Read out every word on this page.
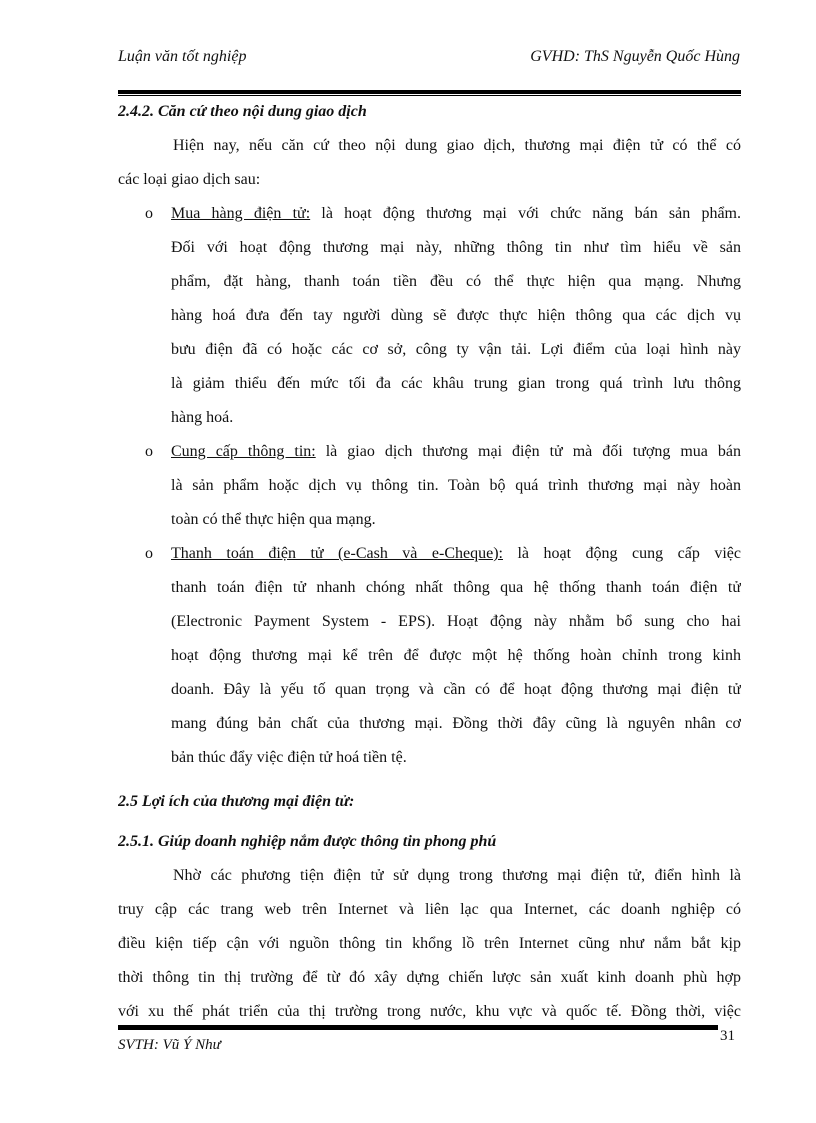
Luận văn tốt nghiệp	GVHD: ThS Nguyễn Quốc Hùng
2.4.2. Căn cứ theo nội dung giao dịch
Hiện nay, nếu căn cứ theo nội dung giao dịch, thương mại điện tử có thể có
các loại giao dịch sau:
o	Mua hàng điện tử: là hoạt động thương mại với chức năng bán sản phẩm.
Đối với hoạt động thương mại này, những thông tin như tìm hiểu về sản
phẩm, đặt hàng, thanh toán tiền đều có thể thực hiện qua mạng. Nhưng
hàng hoá đưa đến tay người dùng sẽ được thực hiện thông qua các dịch vụ
bưu điện đã có hoặc các cơ sở, công ty vận tải. Lợi điểm của loại hình này
là giảm thiểu đến mức tối đa các khâu trung gian trong quá trình lưu thông
hàng hoá.
o	Cung cấp thông tin: là giao dịch thương mại điện tử mà đối tượng mua bán
là sản phẩm hoặc dịch vụ thông tin. Toàn bộ quá trình thương mại này hoàn
toàn có thể thực hiện qua mạng.
o	Thanh toán điện tử (e-Cash và e-Cheque): là hoạt động cung cấp việc
thanh toán điện tử nhanh chóng nhất thông qua hệ thống thanh toán điện tử
(Electronic Payment System - EPS). Hoạt động này nhằm bổ sung cho hai
hoạt động thương mại kể trên để được một hệ thống hoàn chỉnh trong kinh
doanh. Đây là yếu tố quan trọng và cần có để hoạt động thương mại điện tử
mang đúng bản chất của thương mại. Đồng thời đây cũng là nguyên nhân cơ
bản thúc đẩy việc điện tử hoá tiền tệ.
2.5 Lợi ích của thương mại điện tử:
2.5.1. Giúp doanh nghiệp nắm được thông tin phong phú
Nhờ các phương tiện điện tử sử dụng trong thương mại điện tử, điển hình là
truy cập các trang web trên Internet và liên lạc qua Internet, các doanh nghiệp có
điều kiện tiếp cận với nguồn thông tin khổng lồ trên Internet cũng như nắm bắt kịp
thời thông tin thị trường để từ đó xây dựng chiến lược sản xuất kinh doanh phù hợp
với xu thế phát triển của thị trường trong nước, khu vực và quốc tế. Đồng thời, việc
SVTH: Vũ Ý Như
31
